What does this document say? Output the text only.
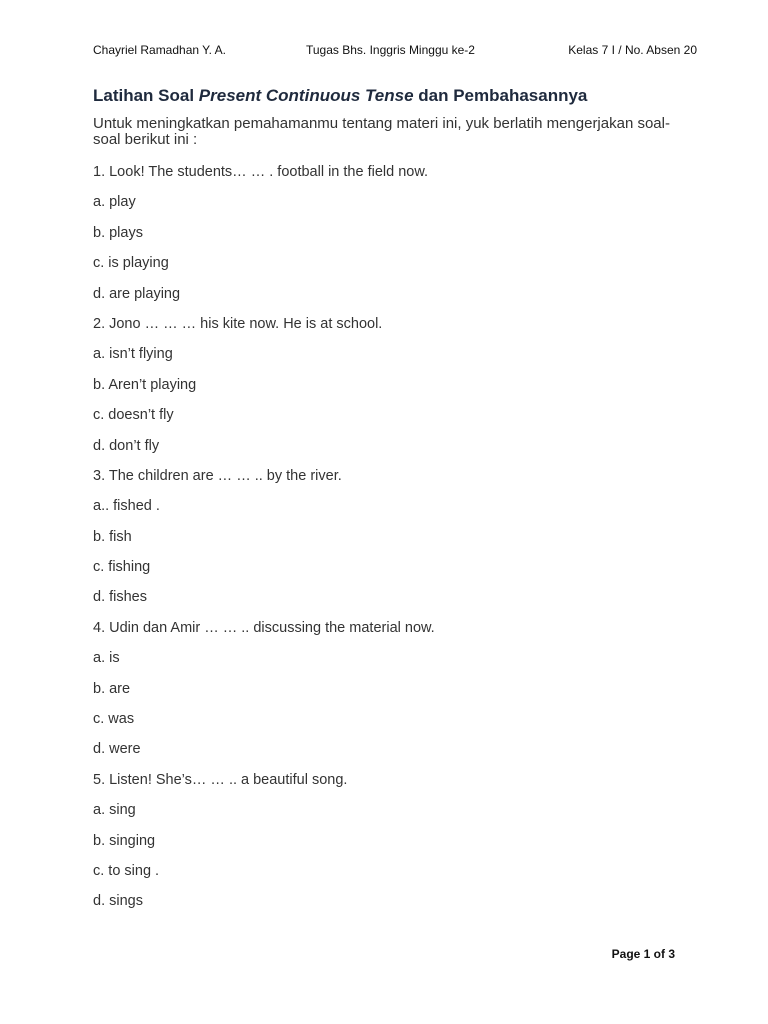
Chayriel Ramadhan Y. A.	Tugas Bhs. Inggris Minggu ke-2	Kelas 7 I / No. Absen 20
Latihan Soal Present Continuous Tense dan Pembahasannya
Untuk meningkatkan pemahamanmu tentang materi ini, yuk berlatih mengerjakan soal-soal berikut ini :
1. Look! The students… … . football in the field now.
a. play
b. plays
c. is playing
d. are playing
2. Jono … … … his kite now. He is at school.
a. isn’t flying
b. Aren’t playing
c. doesn’t fly
d. don’t fly
3. The children are … … .. by the river.
a.. fished .
b. fish
c. fishing
d. fishes
4. Udin dan Amir … … .. discussing the material now.
a. is
b. are
c. was
d. were
5. Listen! She’s… … .. a beautiful song.
a. sing
b. singing
c. to sing .
d. sings
Page 1 of 3
